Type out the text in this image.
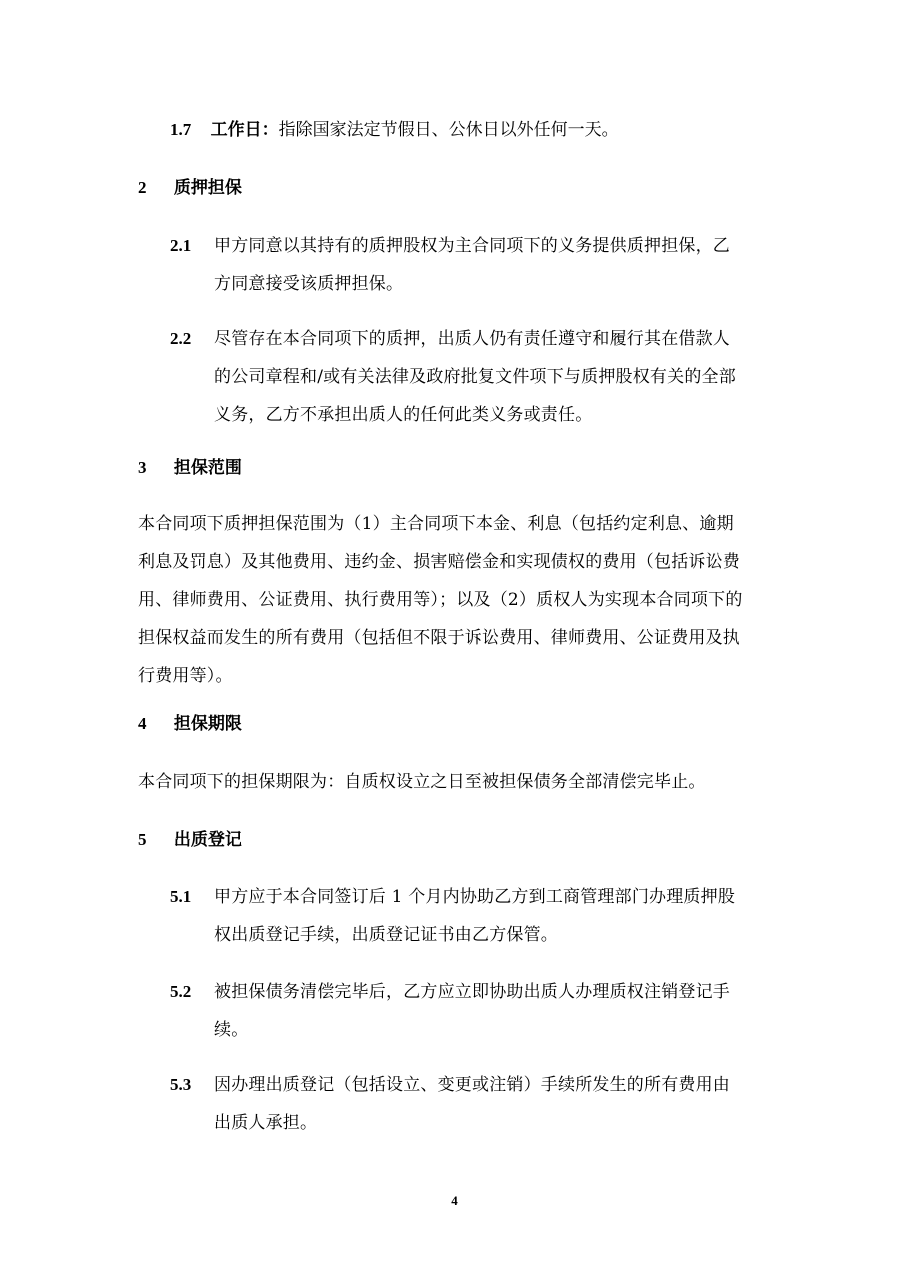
1.7 工作日：指除国家法定节假日、公休日以外任何一天。
2 质押担保
2.1 甲方同意以其持有的质押股权为主合同项下的义务提供质押担保，乙
方同意接受该质押担保。
2.2 尽管存在本合同项下的质押，出质人仍有责任遵守和履行其在借款人
的公司章程和/或有关法律及政府批复文件项下与质押股权有关的全部
义务，乙方不承担出质人的任何此类义务或责任。
3 担保范围
本合同项下质押担保范围为（1）主合同项下本金、利息（包括约定利息、逾期
利息及罚息）及其他费用、违约金、损害赔偿金和实现债权的费用（包括诉讼费
用、律师费用、公证费用、执行费用等）；以及（2）质权人为实现本合同项下的
担保权益而发生的所有费用（包括但不限于诉讼费用、律师费用、公证费用及执
行费用等）。
4 担保期限
本合同项下的担保期限为：自质权设立之日至被担保债务全部清偿完毕止。
5 出质登记
5.1 甲方应于本合同签订后 1 个月内协助乙方到工商管理部门办理质押股
权出质登记手续，出质登记证书由乙方保管。
5.2 被担保债务清偿完毕后，乙方应立即协助出质人办理质权注销登记手
续。
5.3 因办理出质登记（包括设立、变更或注销）手续所发生的所有费用由
出质人承担。
4
